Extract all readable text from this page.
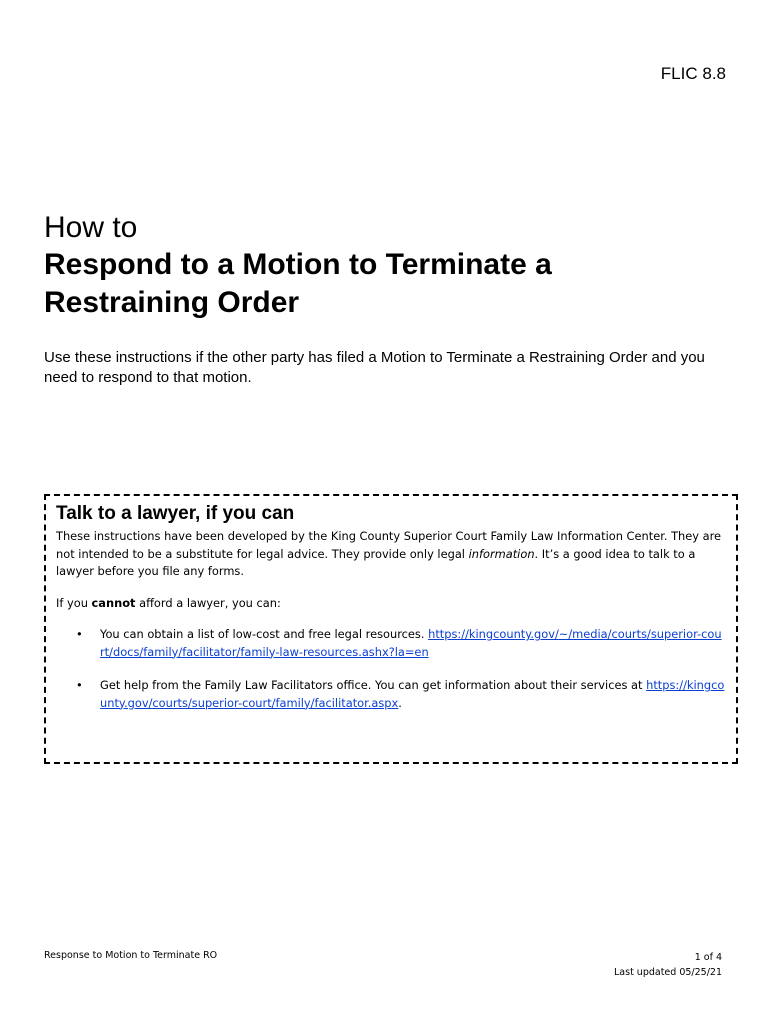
FLIC 8.8
How to
Respond to a Motion to Terminate a Restraining Order

Use these instructions if the other party has filed a Motion to Terminate a Restraining Order and you need to respond to that motion.

Talk to a lawyer, if you can

These instructions have been developed by the King County Superior Court Family Law Information Center. They are not intended to be a substitute for legal advice. They provide only legal information. It’s a good idea to talk to a lawyer before you file any forms.

If you cannot afford a lawyer, you can:

• You can obtain a list of low-cost and free legal resources. https://kingcounty.gov/~/media/courts/superior-court/docs/family/facilitator/family-law-resources.ashx?la=en
• Get help from the Family Law Facilitators office. You can get information about their services at https://kingcounty.gov/courts/superior-court/family/facilitator.aspx.
Response to Motion to Terminate RO	1 of 4
Last updated 05/25/21
